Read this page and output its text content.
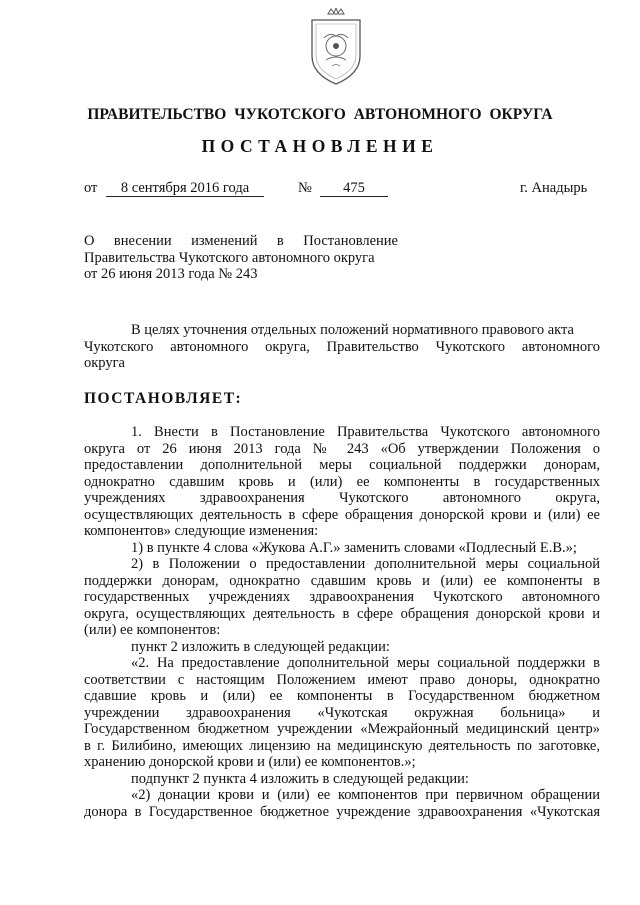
ПРАВИТЕЛЬСТВО ЧУКОТСКОГО АВТОНОМНОГО ОКРУГА
ПОСТАНОВЛЕНИЕ
от	8 сентября 2016 года	№	475	г. Анадырь
О внесении изменений в Постановление
Правительства Чукотского автономного округа
от 26 июня 2013 года № 243
В целях уточнения отдельных положений нормативного правового акта
Чукотского автономного округа, Правительство Чукотского автономного
округа
ПОСТАНОВЛЯЕТ:
1. Внести в Постановление Правительства Чукотского автономного
округа от 26 июня 2013 года № 243 «Об утверждении Положения о
предоставлении дополнительной меры социальной поддержки донорам,
однократно сдавшим кровь и (или) ее компоненты в государственных
учреждениях здравоохранения Чукотского автономного округа,
осуществляющих деятельность в сфере обращения донорской крови и (или) ее
компонентов» следующие изменения:
1) в пункте 4 слова «Жукова А.Г.» заменить словами «Подлесный Е.В.»;
2) в Положении о предоставлении дополнительной меры социальной
поддержки донорам, однократно сдавшим кровь и (или) ее компоненты в
государственных учреждениях здравоохранения Чукотского автономного
округа, осуществляющих деятельность в сфере обращения донорской крови и
(или) ее компонентов:
пункт 2 изложить в следующей редакции:
«2. На предоставление дополнительной меры социальной поддержки в
соответствии с настоящим Положением имеют право доноры, однократно
сдавшие кровь и (или) ее компоненты в Государственном бюджетном
учреждении здравоохранения «Чукотская окружная больница» и
Государственном бюджетном учреждении «Межрайонный медицинский центр»
в г. Билибино, имеющих лицензию на медицинскую деятельность по заготовке,
хранению донорской крови и (или) ее компонентов.»;
подпункт 2 пункта 4 изложить в следующей редакции:
«2) донации крови и (или) ее компонентов при первичном обращении
донора в Государственное бюджетное учреждение здравоохранения «Чукотская
